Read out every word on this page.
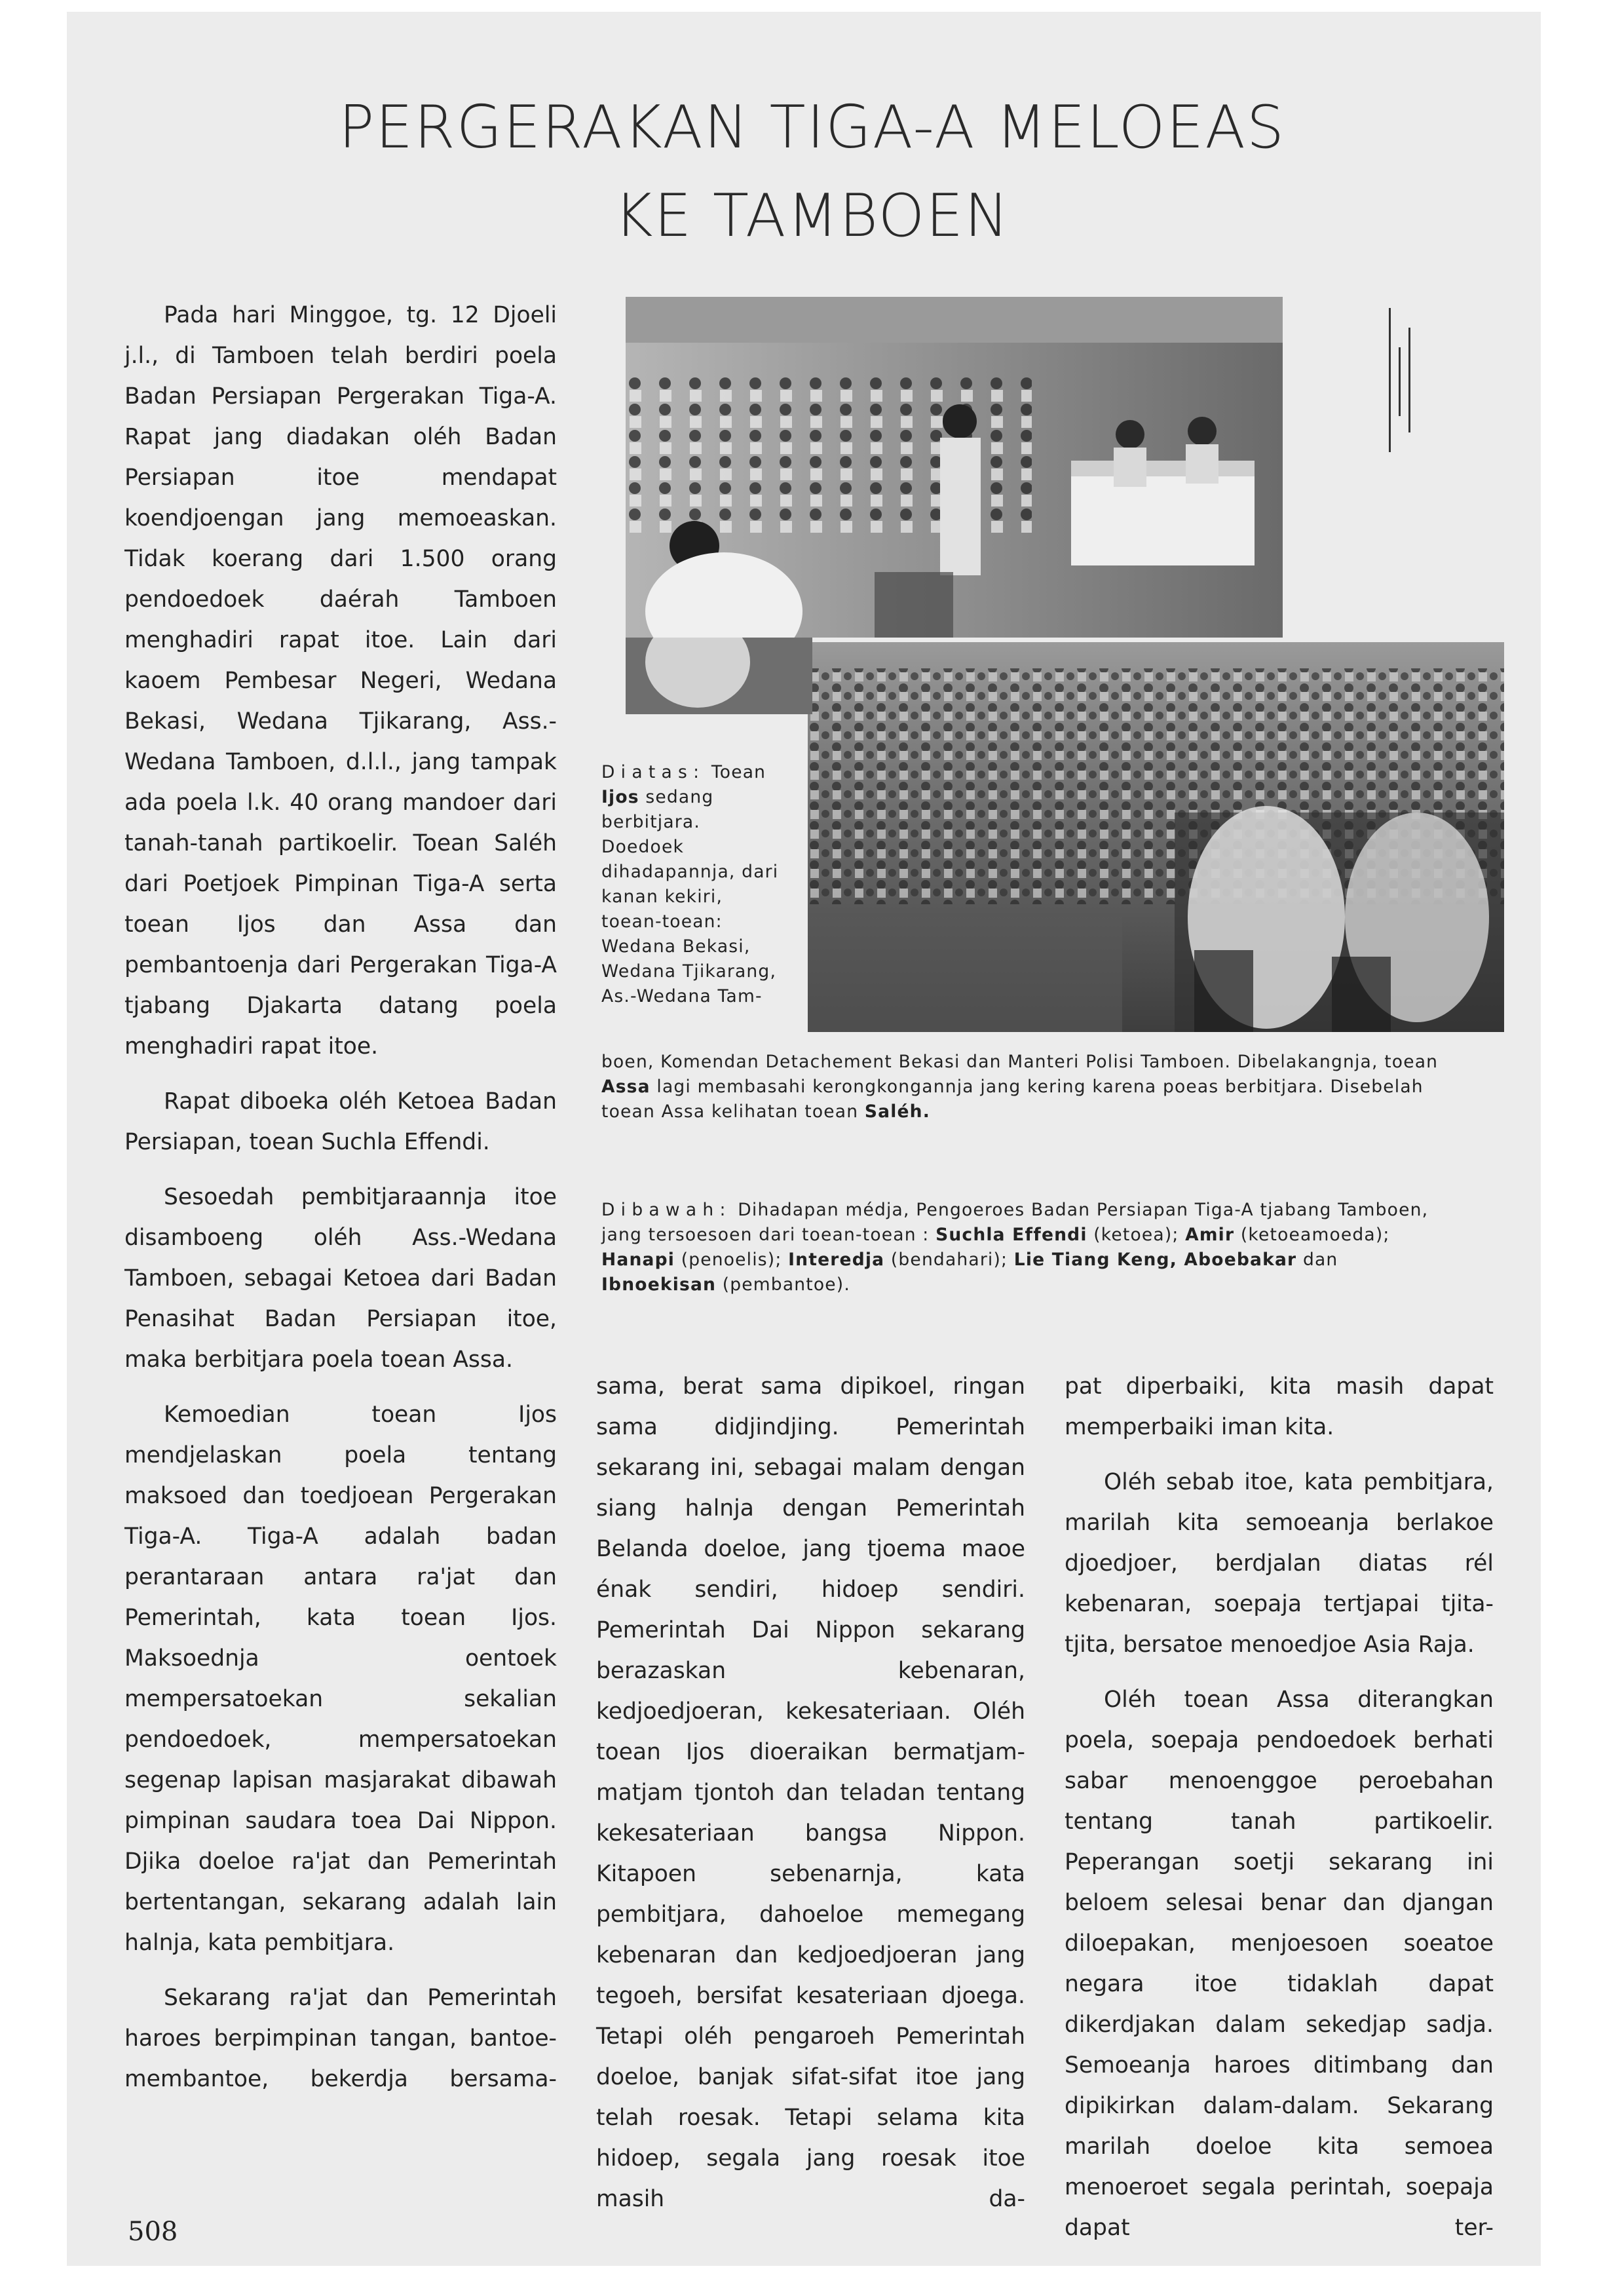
PERGERAKAN TIGA-A MELOEAS
KE TAMBOEN

Pada hari Minggoe, tg. 12 Djoeli j.l., di Tamboen telah berdiri poela Badan Persiapan Pergerakan Tiga-A. Rapat jang diadakan oléh Badan Persiapan itoe mendapat koendjoengan jang memoeaskan. Tidak koerang dari 1.500 orang pendoedoek daérah Tamboen menghadiri rapat itoe. Lain dari kaoem Pembesar Negeri, Wedana Bekasi, Wedana Tjikarang, Ass.-Wedana Tamboen, d.l.l., jang tampak ada poela l.k. 40 orang mandoer dari tanah-tanah partikoelir. Toean Saléh dari Poetjoek Pimpinan Tiga-A serta toean Ijos dan Assa dan pembantoenja dari Pergerakan Tiga-A tjabang Djakarta datang poela menghadiri rapat itoe.

Rapat diboeka oléh Ketoea Badan Persiapan, toean Suchla Effendi.

Sesoedah pembitjaraannja itoe disamboeng oléh Ass.-Wedana Tamboen, sebagai Ketoea dari Badan Penasihat Badan Persiapan itoe, maka berbitjara poela toean Assa.

Kemoedian toean Ijos mendjelaskan poela tentang maksoed dan toedjoean Pergerakan Tiga-A. Tiga-A adalah badan perantaraan antara ra'jat dan Pemerintah, kata toean Ijos. Maksoednja oentoek mempersatoekan sekalian pendoedoek, mempersatoekan segenap lapisan masjarakat dibawah pimpinan saudara toea Dai Nippon. Djika doeloe ra'jat dan Pemerintah bertentangan, sekarang adalah lain halnja, kata pembitjara.

Sekarang ra'jat dan Pemerintah haroes berpimpinan tangan, bantoe-membantoe, bekerdja bersama-

Diatas: Toean Ijos sedang berbitjara. Doedoek dihadapannja, dari kanan kekiri, toean-toean: Wedana Bekasi, Wedana Tjikarang, As.-Wedana Tam-
boen, Komendan Detachement Bekasi dan Manteri Polisi Tamboen. Dibelakangnja, toean Assa lagi membasahi kerongkongannja jang kering karena poeas berbitjara. Disebelah toean Assa kelihatan toean Saléh.
Dibawah: Dihadapan médja, Pengoeroes Badan Persiapan Tiga-A tjabang Tamboen, jang tersoesoen dari toean-toean : Suchla Effendi (ketoea); Amir (ketoeamoeda); Hanapi (penoelis); Interedja (bendahari); Lie Tiang Keng, Aboebakar dan Ibnoekisan (pembantoe).

sama, berat sama dipikoel, ringan sama didjindjing. Pemerintah sekarang ini, sebagai malam dengan siang halnja dengan Pemerintah Belanda doeloe, jang tjoema maoe énak sendiri, hidoep sendiri. Pemerintah Dai Nippon sekarang berazaskan kebenaran, kedjoedjoeran, kekesateriaan. Oléh toean Ijos dioeraikan bermatjam-matjam tjontoh dan teladan tentang kekesateriaan bangsa Nippon. Kitapoen sebenarnja, kata pembitjara, dahoeloe memegang kebenaran dan kedjoedjoeran jang tegoeh, bersifat kesateriaan djoega. Tetapi oléh pengaroeh Pemerintah doeloe, banjak sifat-sifat itoe jang telah roesak. Tetapi selama kita hidoep, segala jang roesak itoe masih da-

pat diperbaiki, kita masih dapat memperbaiki iman kita.

Oléh sebab itoe, kata pembitjara, marilah kita semoeanja berlakoe djoedjoer, berdjalan diatas rél kebenaran, soepaja tertjapai tjita-tjita, bersatoe menoedjoe Asia Raja.

Oléh toean Assa diterangkan poela, soepaja pendoedoek berhati sabar menoenggoe peroebahan tentang tanah partikoelir. Peperangan soetji sekarang ini beloem selesai benar dan djangan diloepakan, menjoesoen soeatoe negara itoe tidaklah dapat dikerdjakan dalam sekedjap sadja. Semoeanja haroes ditimbang dan dipikirkan dalam-dalam. Sekarang marilah doeloe kita semoea menoeroet segala perintah, soepaja dapat ter-

508
